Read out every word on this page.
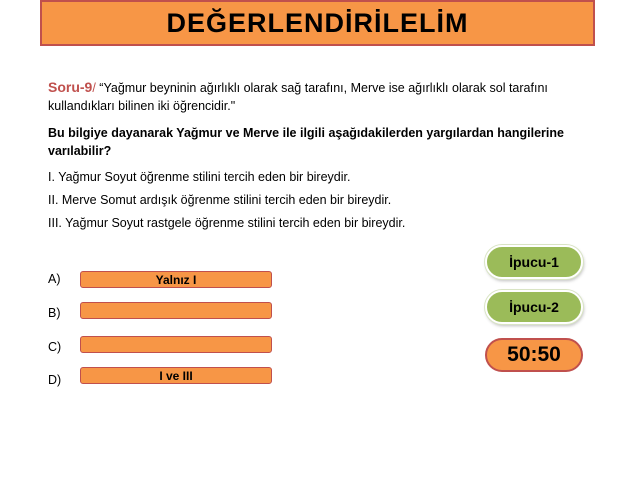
DEĞERLENDİRİLELİM
Soru-9/ “Yağmur beyninin ağırlıklı olarak sağ tarafını, Merve ise ağırlıklı olarak sol tarafını
kullandıkları bilinen iki öğrencidir."
Bu bilgiye dayanarak Yağmur ve Merve ile ilgili aşağıdakilerden yargılardan hangilerine
varılabilir?
I. Yağmur Soyut öğrenme stilini tercih eden bir bireydir.
II. Merve Somut ardışık öğrenme stilini tercih eden bir bireydir.
III. Yağmur Soyut rastgele öğrenme stilini tercih eden bir bireydir.
A)	Yalnız I
B)
C)
D)	I ve III
İpucu-1
İpucu-2
50:50
